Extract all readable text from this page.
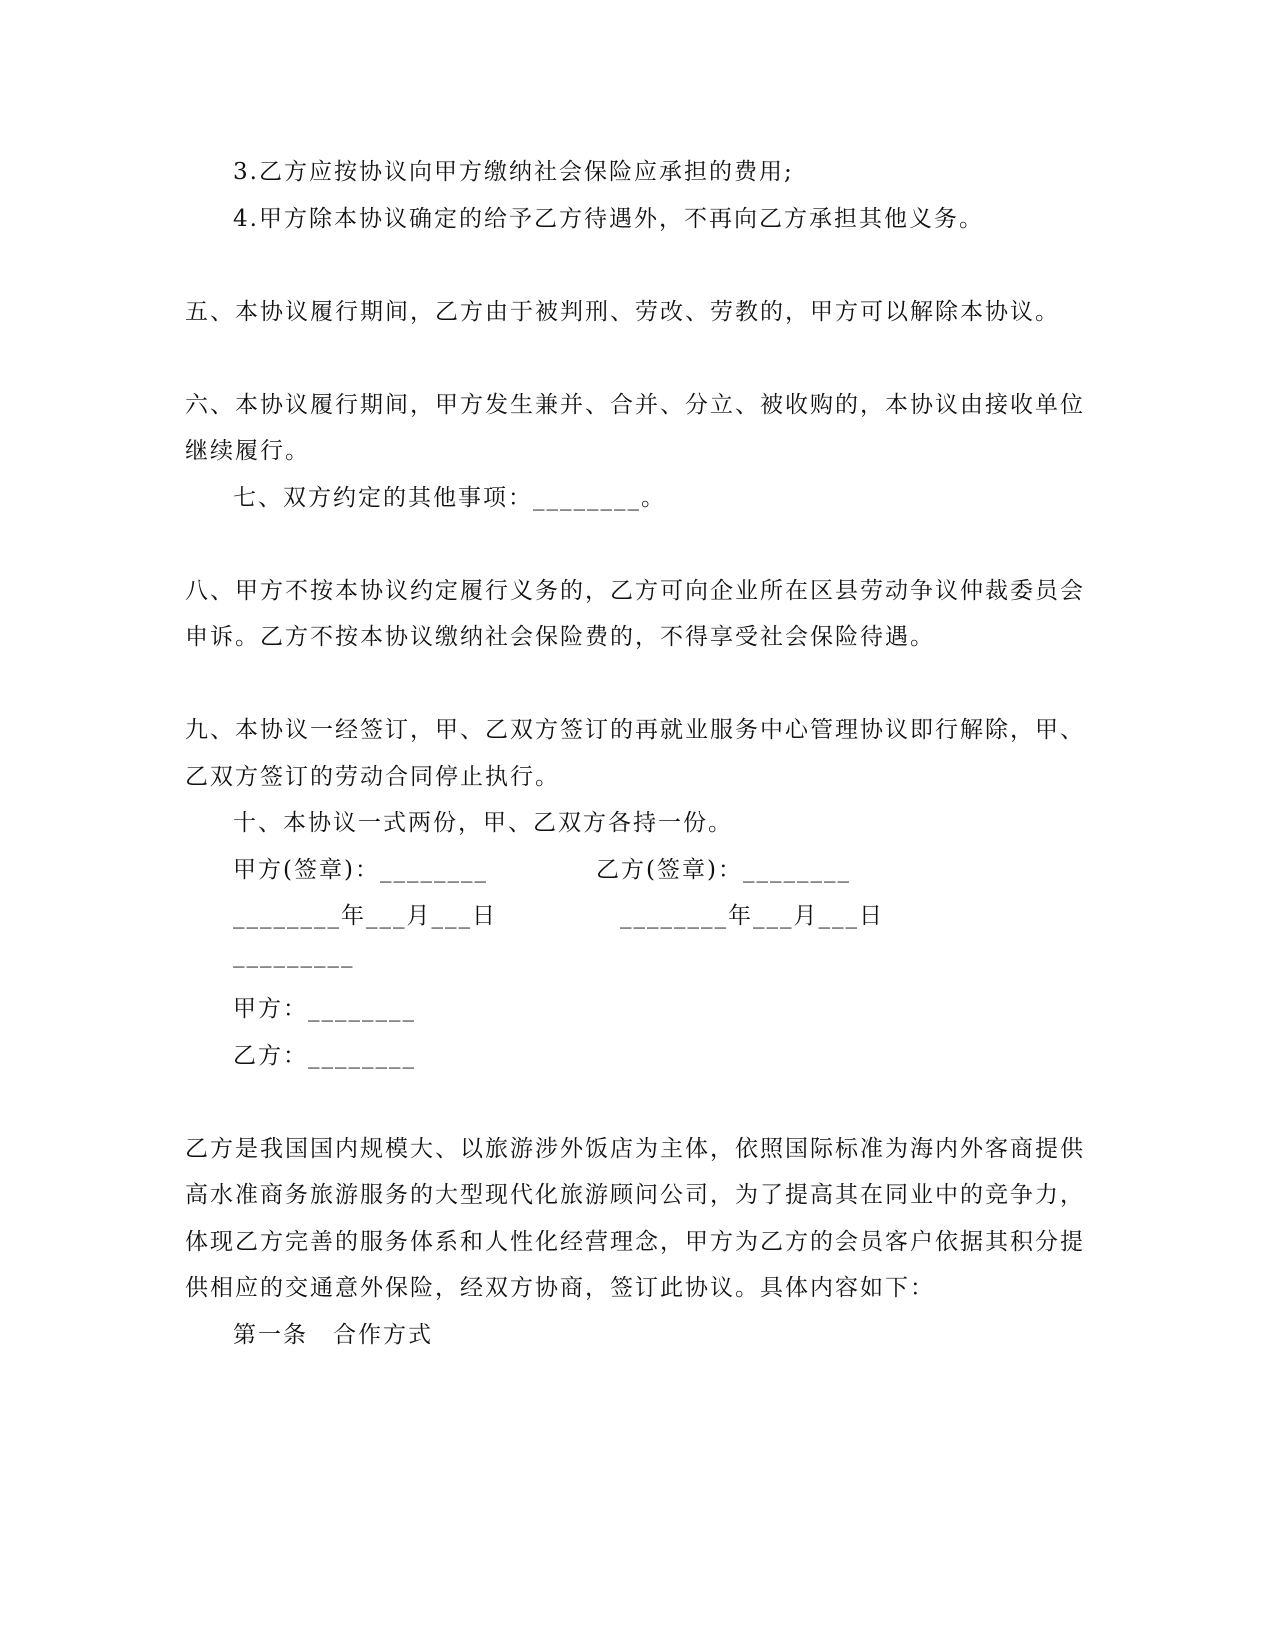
3.乙方应按协议向甲方缴纳社会保险应承担的费用;
4.甲方除本协议确定的给予乙方待遇外，不再向乙方承担其他义务。
五、本协议履行期间，乙方由于被判刑、劳改、劳教的，甲方可以解除本协议。
六、本协议履行期间，甲方发生兼并、合并、分立、被收购的，本协议由接收单位
继续履行。
七、双方约定的其他事项：________。
八、甲方不按本协议约定履行义务的，乙方可向企业所在区县劳动争议仲裁委员会
申诉。乙方不按本协议缴纳社会保险费的，不得享受社会保险待遇。
九、本协议一经签订，甲、乙双方签订的再就业服务中心管理协议即行解除，甲、
乙双方签订的劳动合同停止执行。
十、本协议一式两份，甲、乙双方各持一份。
甲方(签章)：________	乙方(签章)：________
________年___月___日	________年___月___日
_________
甲方：________
乙方：________
乙方是我国国内规模大、以旅游涉外饭店为主体，依照国际标准为海内外客商提供
高水准商务旅游服务的大型现代化旅游顾问公司，为了提高其在同业中的竞争力，
体现乙方完善的服务体系和人性化经营理念，甲方为乙方的会员客户依据其积分提
供相应的交通意外保险，经双方协商，签订此协议。具体内容如下：
第一条　合作方式
